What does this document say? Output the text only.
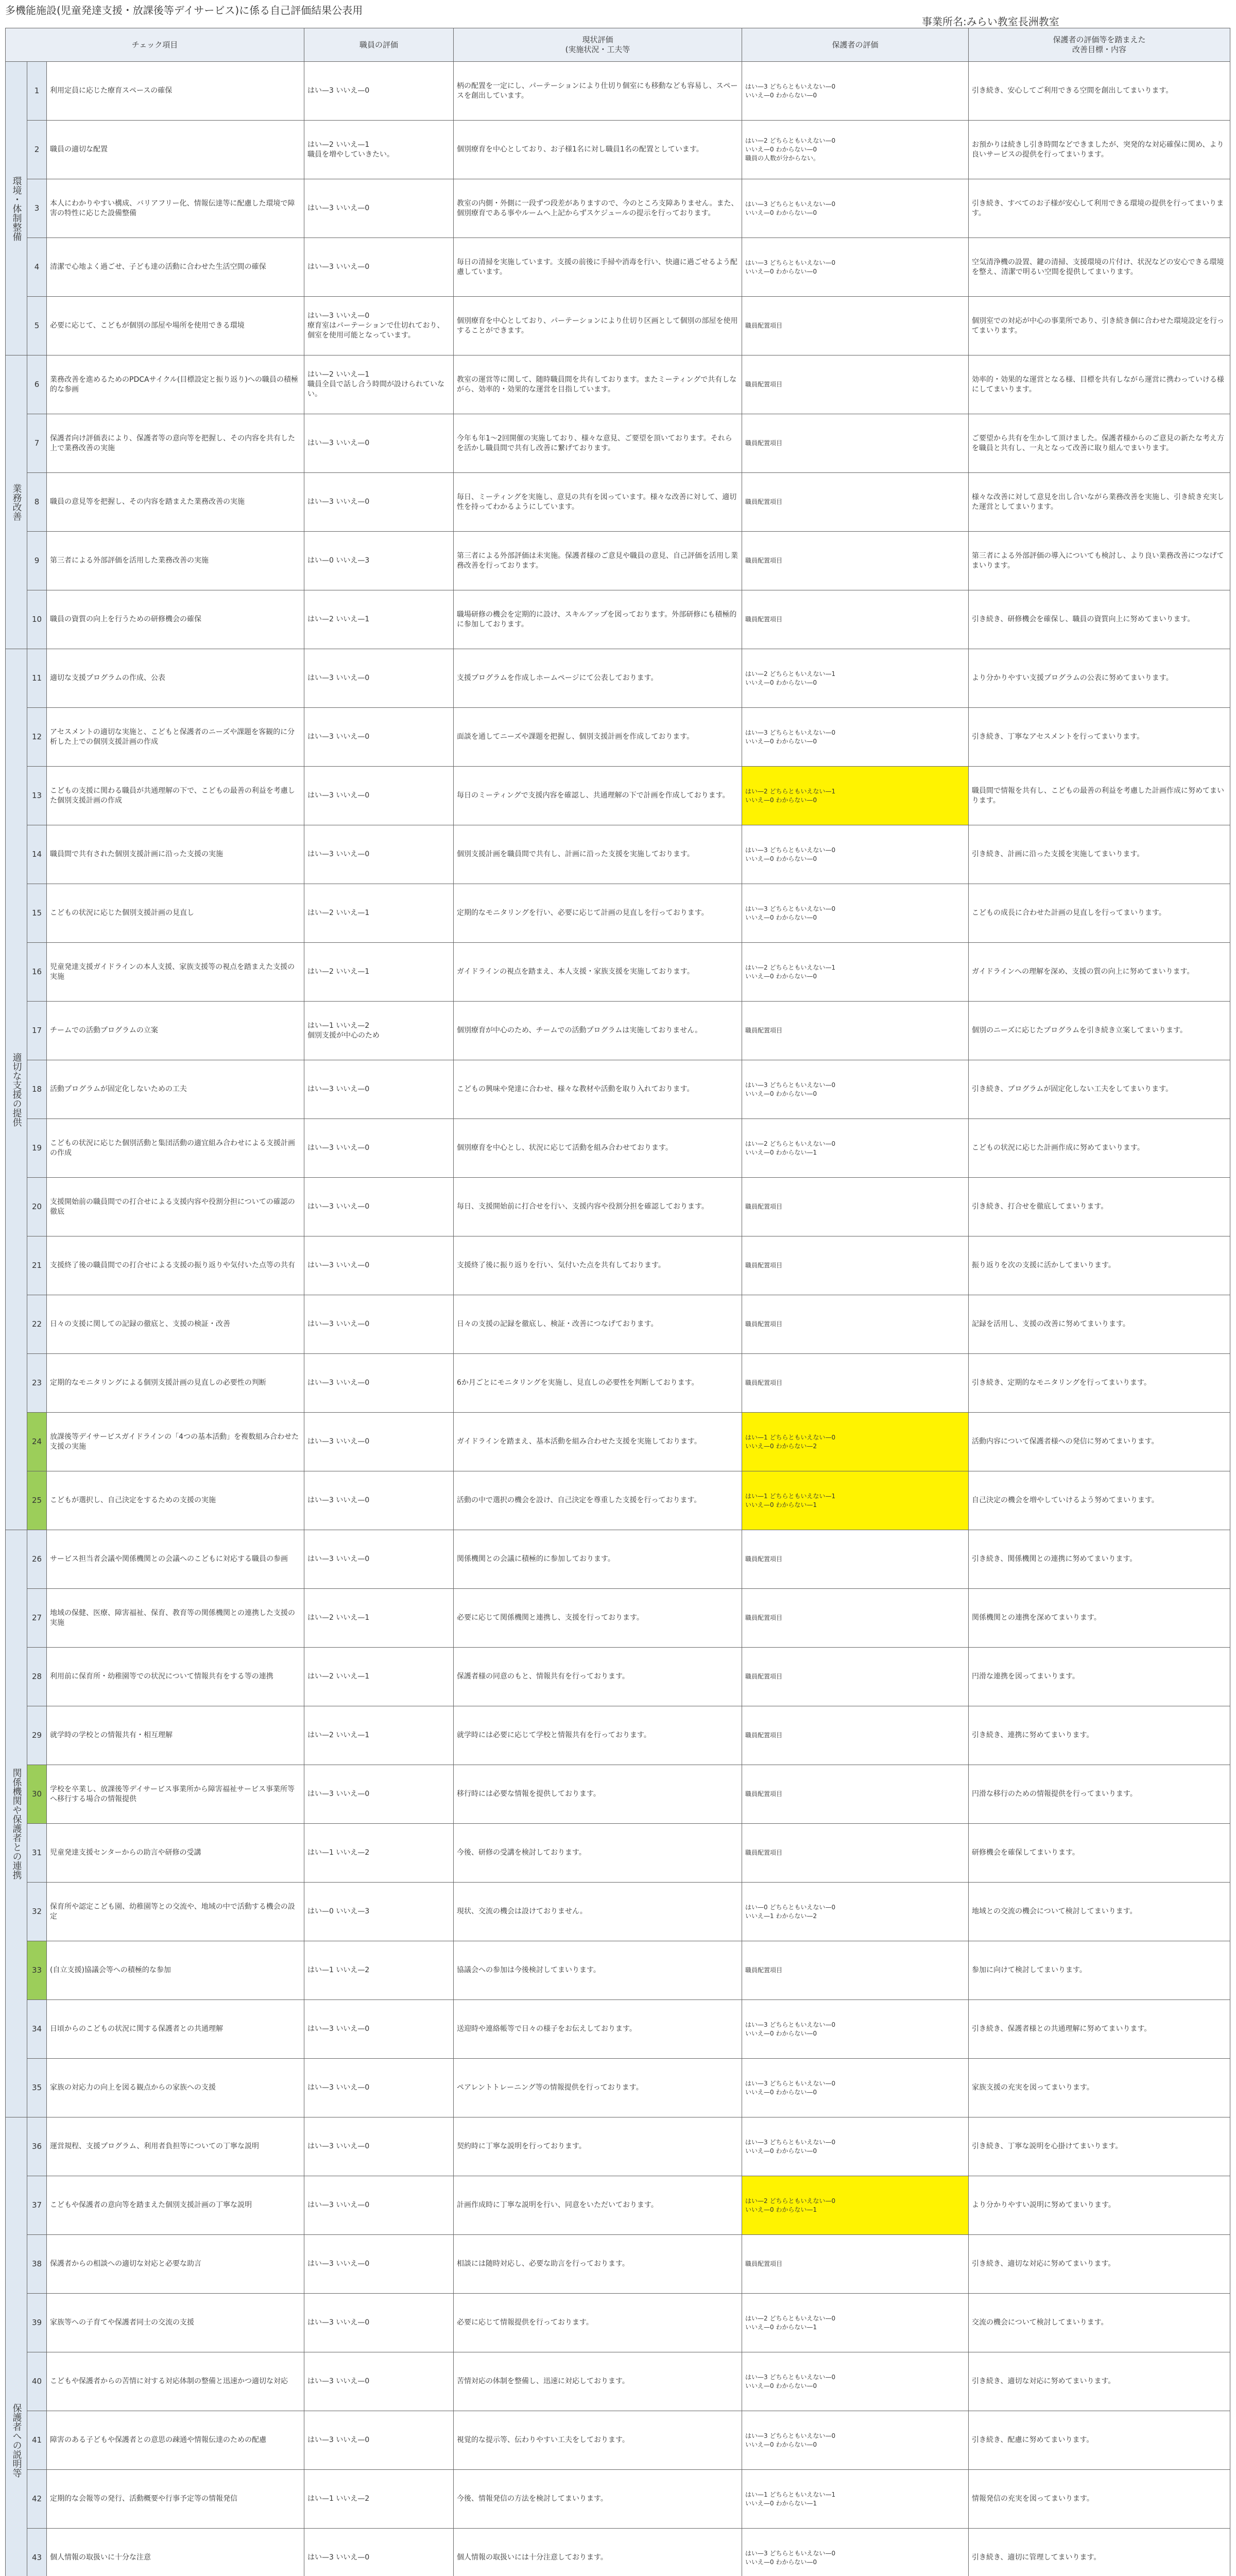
多機能施設(児童発達支援・放課後等デイサービス)に係る自己評価結果公表用
事業所名:みらい教室長洲教室
チェック項目			職員の評価	現状評価
(実施状況・工夫等	保護者の評価	保護者の評価等を踏まえた
改善目標・内容
環境・体制整備	1	利用定員に応じた療育スペースの確保	はい—3 いいえ—0	柄の配置を一定にし、パーテーションにより仕切り個室にも移動なども容易し、スペースを創出しています。	はい—3 どちらともいえない—0
いいえ—0 わからない—0	引き続き、安心してご利用できる空間を創出してまいります。
	2	職員の適切な配置	はい—2 いいえ—1
職員を増やしていきたい。	個別療育を中心としており、お子様1名に対し職員1名の配置としています。	はい—2 どちらともいえない—0
いいえ—0 わからない—0
職員の人数が分からない。	お預かりは続きし引き時間などできましたが、突発的な対応確保に関め、より良いサービスの提供を行ってまいります。
	3	本人にわかりやすい構成、バリアフリー化、情報伝達等に配慮した環境で障害の特性に応じた設備整備	はい—3 いいえ—0	教室の内側・外側に一段ずつ段差がありますので、今のところ支障ありません。また、個別療育である事やルームへ上記からずスケジュールの提示を行っております。	はい—3 どちらともいえない—0
いいえ—0 わからない—0	引き続き、すべてのお子様が安心して利用できる環境の提供を行ってまいります。
	4	清潔で心地よく過ごせ、子ども達の活動に合わせた生活空間の確保	はい—3 いいえ—0	毎日の清掃を実施しています。支援の前後に手掃や消毒を行い、快適に過ごせるよう配慮しています。	はい—3 どちらともいえない—0
いいえ—0 わからない—0	空気清浄機の設置、鍵の清掃、支援環境の片付け、状況などの安心できる環境を整え、清潔で明るい空間を提供してまいります。
	5	必要に応じて、こどもが個別の部屋や場所を使用できる環境	はい—3 いいえ—0
療育室はパーテーションで仕切れており、個室を使用可能となっています。	個別療育を中心としており、パーテーションにより仕切り区画として個別の部屋を使用することができます。	職員配置項目	個別室での対応が中心の事業所であり、引き続き個に合わせた環境設定を行ってまいります。
業務改善	6	業務改善を進めるためのPDCAサイクル(目標設定と振り返り)への職員の積極的な参画	はい—2 いいえ—1
職員全員で話し合う時間が設けられていない。	教室の運営等に関して、随時職員間を共有しております。またミーティングで共有しながら、効率的・効果的な運営を目指しています。	職員配置項目	効率的・効果的な運営となる様、目標を共有しながら運営に携わっていける様にしてまいります。
	7	保護者向け評価表により、保護者等の意向等を把握し、その内容を共有した上で業務改善の実施	はい—3 いいえ—0	今年も年1〜2回開催の実施しており、様々な意見、ご要望を頂いております。それらを活かし職員間で共有し改善に繋げております。	職員配置項目	ご要望から共有を生かして頂けました。保護者様からのご意見の新たな考え方を職員と共有し、一丸となって改善に取り組んでまいります。
	8	職員の意見等を把握し、その内容を踏まえた業務改善の実施	はい—3 いいえ—0	毎日、ミーティングを実施し、意見の共有を図っています。様々な改善に対して、適切性を持ってわかるようにしています。	職員配置項目	様々な改善に対して意見を出し合いながら業務改善を実施し、引き続き充実した運営としてまいります。
	9	第三者による外部評価を活用した業務改善の実施	はい—0 いいえ—3	第三者による外部評価は未実施。保護者様のご意見や職員の意見、自己評価を活用し業務改善を行っております。	職員配置項目	第三者による外部評価の導入についても検討し、より良い業務改善につなげてまいります。
	10	職員の資質の向上を行うための研修機会の確保	はい—2 いいえ—1	職場研修の機会を定期的に設け、スキルアップを図っております。外部研修にも積極的に参加しております。	職員配置項目	引き続き、研修機会を確保し、職員の資質向上に努めてまいります。
適切な支援の提供	11	適切な支援プログラムの作成、公表	はい—3 いいえ—0	支援プログラムを作成しホームページにて公表しております。	はい—2 どちらともいえない—1
いいえ—0 わからない—0	より分かりやすい支援プログラムの公表に努めてまいります。
	12	アセスメントの適切な実施と、こどもと保護者のニーズや課題を客観的に分析した上での個別支援計画の作成	はい—3 いいえ—0	面談を通してニーズや課題を把握し、個別支援計画を作成しております。	はい—3 どちらともいえない—0
いいえ—0 わからない—0	引き続き、丁寧なアセスメントを行ってまいります。
	13	こどもの支援に関わる職員が共通理解の下で、こどもの最善の利益を考慮した個別支援計画の作成	はい—3 いいえ—0	毎日のミーティングで支援内容を確認し、共通理解の下で計画を作成しております。	はい—2 どちらともいえない—1
いいえ—0 わからない—0	職員間で情報を共有し、こどもの最善の利益を考慮した計画作成に努めてまいります。
	14	職員間で共有された個別支援計画に沿った支援の実施	はい—3 いいえ—0	個別支援計画を職員間で共有し、計画に沿った支援を実施しております。	はい—3 どちらともいえない—0
いいえ—0 わからない—0	引き続き、計画に沿った支援を実施してまいります。
	15	こどもの状況に応じた個別支援計画の見直し	はい—2 いいえ—1	定期的なモニタリングを行い、必要に応じて計画の見直しを行っております。	はい—3 どちらともいえない—0
いいえ—0 わからない—0	こどもの成長に合わせた計画の見直しを行ってまいります。
	16	児童発達支援ガイドラインの本人支援、家族支援等の視点を踏まえた支援の実施	はい—2 いいえ—1	ガイドラインの視点を踏まえ、本人支援・家族支援を実施しております。	はい—2 どちらともいえない—1
いいえ—0 わからない—0	ガイドラインへの理解を深め、支援の質の向上に努めてまいります。
	17	チームでの活動プログラムの立案	はい—1 いいえ—2
個別支援が中心のため	個別療育が中心のため、チームでの活動プログラムは実施しておりません。	職員配置項目	個別のニーズに応じたプログラムを引き続き立案してまいります。
	18	活動プログラムが固定化しないための工夫	はい—3 いいえ—0	こどもの興味や発達に合わせ、様々な教材や活動を取り入れております。	はい—3 どちらともいえない—0
いいえ—0 わからない—0	引き続き、プログラムが固定化しない工夫をしてまいります。
	19	こどもの状況に応じた個別活動と集団活動の適宜組み合わせによる支援計画の作成	はい—3 いいえ—0	個別療育を中心とし、状況に応じて活動を組み合わせております。	はい—2 どちらともいえない—0
いいえ—0 わからない—1	こどもの状況に応じた計画作成に努めてまいります。
	20	支援開始前の職員間での打合せによる支援内容や役割分担についての確認の徹底	はい—3 いいえ—0	毎日、支援開始前に打合せを行い、支援内容や役割分担を確認しております。	職員配置項目	引き続き、打合せを徹底してまいります。
	21	支援終了後の職員間での打合せによる支援の振り返りや気付いた点等の共有	はい—3 いいえ—0	支援終了後に振り返りを行い、気付いた点を共有しております。	職員配置項目	振り返りを次の支援に活かしてまいります。
	22	日々の支援に関しての記録の徹底と、支援の検証・改善	はい—3 いいえ—0	日々の支援の記録を徹底し、検証・改善につなげております。	職員配置項目	記録を活用し、支援の改善に努めてまいります。
	23	定期的なモニタリングによる個別支援計画の見直しの必要性の判断	はい—3 いいえ—0	6か月ごとにモニタリングを実施し、見直しの必要性を判断しております。	職員配置項目	引き続き、定期的なモニタリングを行ってまいります。
	24	放課後等デイサービスガイドラインの「4つの基本活動」を複数組み合わせた支援の実施	はい—3 いいえ—0	ガイドラインを踏まえ、基本活動を組み合わせた支援を実施しております。	はい—1 どちらともいえない—0
いいえ—0 わからない—2	活動内容について保護者様への発信に努めてまいります。
	25	こどもが選択し、自己決定をするための支援の実施	はい—3 いいえ—0	活動の中で選択の機会を設け、自己決定を尊重した支援を行っております。	はい—1 どちらともいえない—1
いいえ—0 わからない—1	自己決定の機会を増やしていけるよう努めてまいります。
関係機関や保護者との連携	26	サービス担当者会議や関係機関との会議へのこどもに対応する職員の参画	はい—3 いいえ—0	関係機関との会議に積極的に参加しております。	職員配置項目	引き続き、関係機関との連携に努めてまいります。
	27	地域の保健、医療、障害福祉、保育、教育等の関係機関との連携した支援の実施	はい—2 いいえ—1	必要に応じて関係機関と連携し、支援を行っております。	職員配置項目	関係機関との連携を深めてまいります。
	28	利用前に保育所・幼稚園等での状況について情報共有をする等の連携	はい—2 いいえ—1	保護者様の同意のもと、情報共有を行っております。	職員配置項目	円滑な連携を図ってまいります。
	29	就学時の学校との情報共有・相互理解	はい—2 いいえ—1	就学時には必要に応じて学校と情報共有を行っております。	職員配置項目	引き続き、連携に努めてまいります。
	30	学校を卒業し、放課後等デイサービス事業所から障害福祉サービス事業所等へ移行する場合の情報提供	はい—3 いいえ—0	移行時には必要な情報を提供しております。	職員配置項目	円滑な移行のための情報提供を行ってまいります。
	31	児童発達支援センターからの助言や研修の受講	はい—1 いいえ—2	今後、研修の受講を検討しております。	職員配置項目	研修機会を確保してまいります。
	32	保育所や認定こども園、幼稚園等との交流や、地域の中で活動する機会の設定	はい—0 いいえ—3	現状、交流の機会は設けておりません。	はい—0 どちらともいえない—0
いいえ—1 わからない—2	地域との交流の機会について検討してまいります。
	33	(自立支援)協議会等への積極的な参加	はい—1 いいえ—2	協議会への参加は今後検討してまいります。	職員配置項目	参加に向けて検討してまいります。
	34	日頃からのこどもの状況に関する保護者との共通理解	はい—3 いいえ—0	送迎時や連絡帳等で日々の様子をお伝えしております。	はい—3 どちらともいえない—0
いいえ—0 わからない—0	引き続き、保護者様との共通理解に努めてまいります。
	35	家族の対応力の向上を図る観点からの家族への支援	はい—3 いいえ—0	ペアレントトレーニング等の情報提供を行っております。	はい—3 どちらともいえない—0
いいえ—0 わからない—0	家族支援の充実を図ってまいります。
保護者への説明等	36	運営規程、支援プログラム、利用者負担等についての丁寧な説明	はい—3 いいえ—0	契約時に丁寧な説明を行っております。	はい—3 どちらともいえない—0
いいえ—0 わからない—0	引き続き、丁寧な説明を心掛けてまいります。
	37	こどもや保護者の意向等を踏まえた個別支援計画の丁寧な説明	はい—3 いいえ—0	計画作成時に丁寧な説明を行い、同意をいただいております。	はい—2 どちらともいえない—0
いいえ—0 わからない—1	より分かりやすい説明に努めてまいります。
	38	保護者からの相談への適切な対応と必要な助言	はい—3 いいえ—0	相談には随時対応し、必要な助言を行っております。	職員配置項目	引き続き、適切な対応に努めてまいります。
	39	家族等への子育てや保護者同士の交流の支援	はい—3 いいえ—0	必要に応じて情報提供を行っております。	はい—2 どちらともいえない—0
いいえ—0 わからない—1	交流の機会について検討してまいります。
	40	こどもや保護者からの苦情に対する対応体制の整備と迅速かつ適切な対応	はい—3 いいえ—0	苦情対応の体制を整備し、迅速に対応しております。	はい—3 どちらともいえない—0
いいえ—0 わからない—0	引き続き、適切な対応に努めてまいります。
	41	障害のある子どもや保護者との意思の疎通や情報伝達のための配慮	はい—3 いいえ—0	視覚的な提示等、伝わりやすい工夫をしております。	はい—3 どちらともいえない—0
いいえ—0 わからない—0	引き続き、配慮に努めてまいります。
	42	定期的な会報等の発行、活動概要や行事予定等の情報発信	はい—1 いいえ—2	今後、情報発信の方法を検討してまいります。	はい—1 どちらともいえない—1
いいえ—0 わからない—1	情報発信の充実を図ってまいります。
	43	個人情報の取扱いに十分な注意	はい—3 いいえ—0	個人情報の取扱いには十分注意しております。	はい—3 どちらともいえない—0
いいえ—0 わからない—0	引き続き、適切に管理してまいります。
